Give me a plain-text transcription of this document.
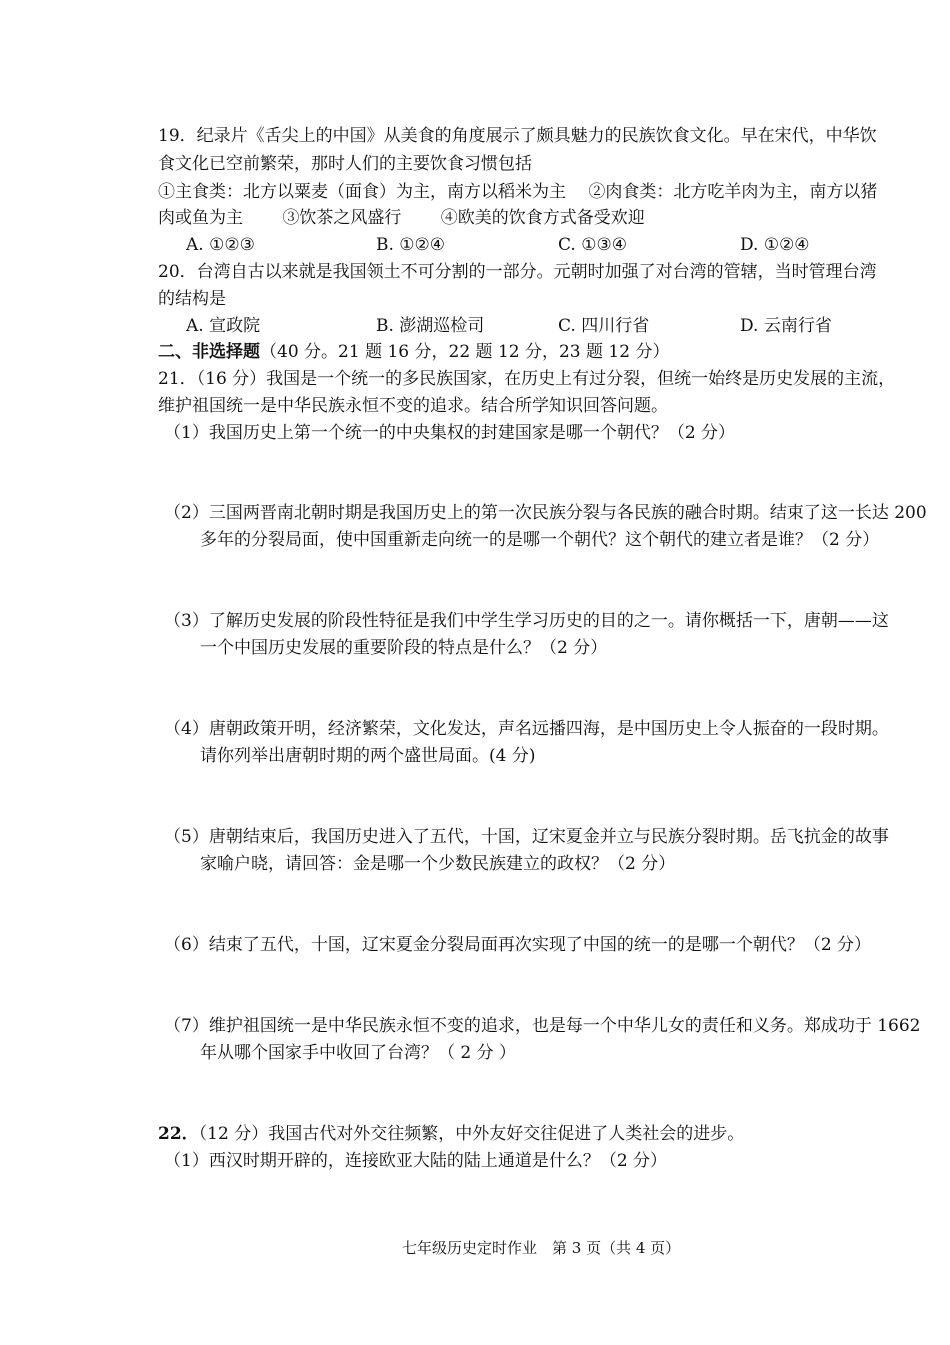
19．纪录片《舌尖上的中国》从美食的角度展示了颇具魅力的民族饮食文化。早在宋代，中华饮
食文化已空前繁荣，那时人们的主要饮食习惯包括
①主食类：北方以粟麦（面食）为主，南方以稻米为主　 ②肉食类：北方吃羊肉为主，南方以猪
肉或鱼为主　　 ③饮茶之风盛行　　 ④欧美的饮食方式备受欢迎
A. ①②③	B. ①②④	C. ①③④	D. ①②④
20．台湾自古以来就是我国领土不可分割的一部分。元朝时加强了对台湾的管辖，当时管理台湾
的结构是
A. 宣政院	B. 澎湖巡检司	C. 四川行省	D. 云南行省
二、非选择题（40 分。21 题 16 分，22 题 12 分，23 题 12 分）
21．（16 分）我国是一个统一的多民族国家，在历史上有过分裂，但统一始终是历史发展的主流，
维护祖国统一是中华民族永恒不变的追求。结合所学知识回答问题。
（1）我国历史上第一个统一的中央集权的封建国家是哪一个朝代？（2 分）
（2）三国两晋南北朝时期是我国历史上的第一次民族分裂与各民族的融合时期。结束了这一长达 200
多年的分裂局面，使中国重新走向统一的是哪一个朝代？这个朝代的建立者是谁？（2 分）
（3）了解历史发展的阶段性特征是我们中学生学习历史的目的之一。请你概括一下，唐朝——这
一个中国历史发展的重要阶段的特点是什么？（2 分）
（4）唐朝政策开明，经济繁荣，文化发达，声名远播四海，是中国历史上令人振奋的一段时期。
请你列举出唐朝时期的两个盛世局面。(4 分)
（5）唐朝结束后，我国历史进入了五代，十国，辽宋夏金并立与民族分裂时期。岳飞抗金的故事
家喻户晓，请回答：金是哪一个少数民族建立的政权？（2 分）
（6）结束了五代，十国，辽宋夏金分裂局面再次实现了中国的统一的是哪一个朝代？（2 分）
（7）维护祖国统一是中华民族永恒不变的追求，也是每一个中华儿女的责任和义务。郑成功于 1662
年从哪个国家手中收回了台湾？（ 2 分 ）
22．（12 分）我国古代对外交往频繁，中外友好交往促进了人类社会的进步。
（1）西汉时期开辟的，连接欧亚大陆的陆上通道是什么？（2 分）
七年级历史定时作业　第 3 页（共 4 页）
